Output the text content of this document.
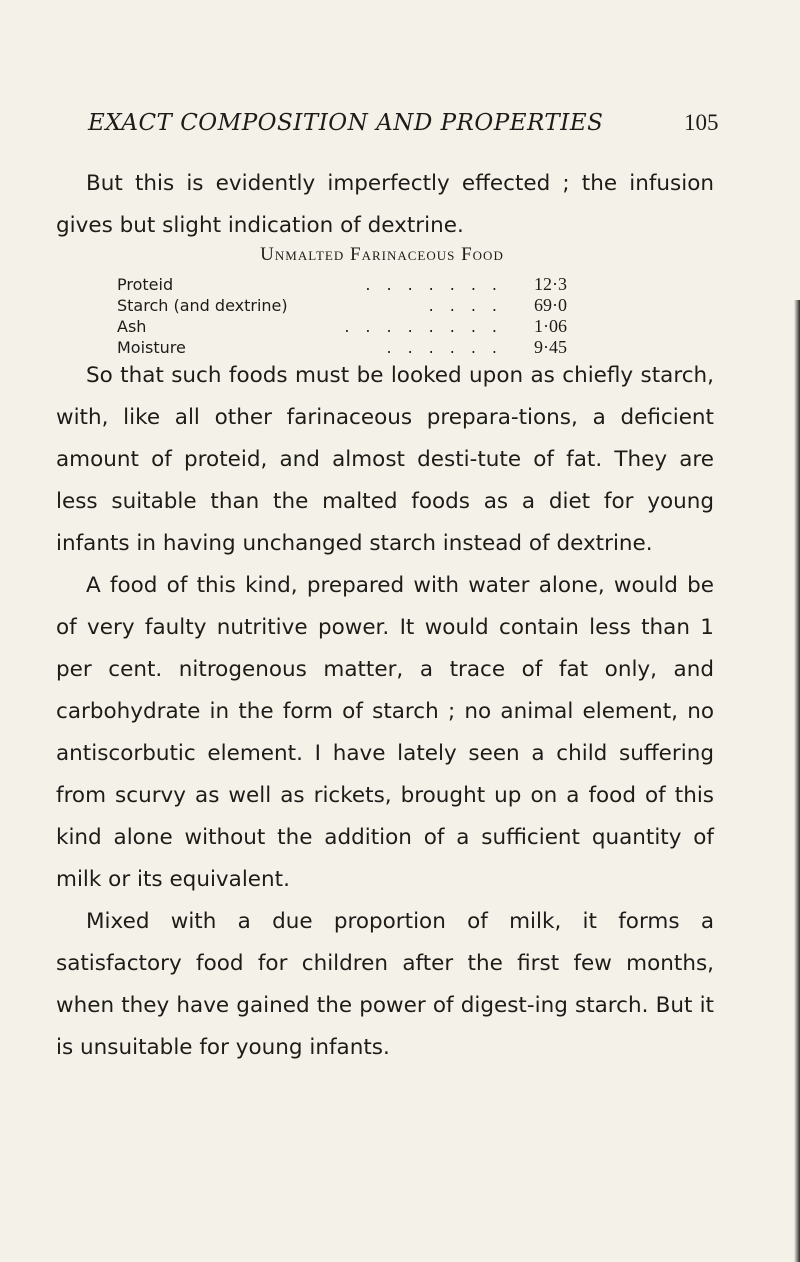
EXACT COMPOSITION AND PROPERTIES	105

But this is evidently imperfectly effected ; the infusion gives but slight indication of dextrine.

Unmalted Farinaceous Food
Proteid	.......	12·3
Starch (and dextrine)	....	69·0
Ash	........	1·06
Moisture	......	9·45

So that such foods must be looked upon as chiefly starch, with, like all other farinaceous prepara-tions, a deficient amount of proteid, and almost desti-tute of fat. They are less suitable than the malted foods as a diet for young infants in having unchanged starch instead of dextrine.

A food of this kind, prepared with water alone, would be of very faulty nutritive power. It would contain less than 1 per cent. nitrogenous matter, a trace of fat only, and carbohydrate in the form of starch ; no animal element, no antiscorbutic element. I have lately seen a child suffering from scurvy as well as rickets, brought up on a food of this kind alone without the addition of a sufficient quantity of milk or its equivalent.

Mixed with a due proportion of milk, it forms a satisfactory food for children after the first few months, when they have gained the power of digest-ing starch. But it is unsuitable for young infants.
